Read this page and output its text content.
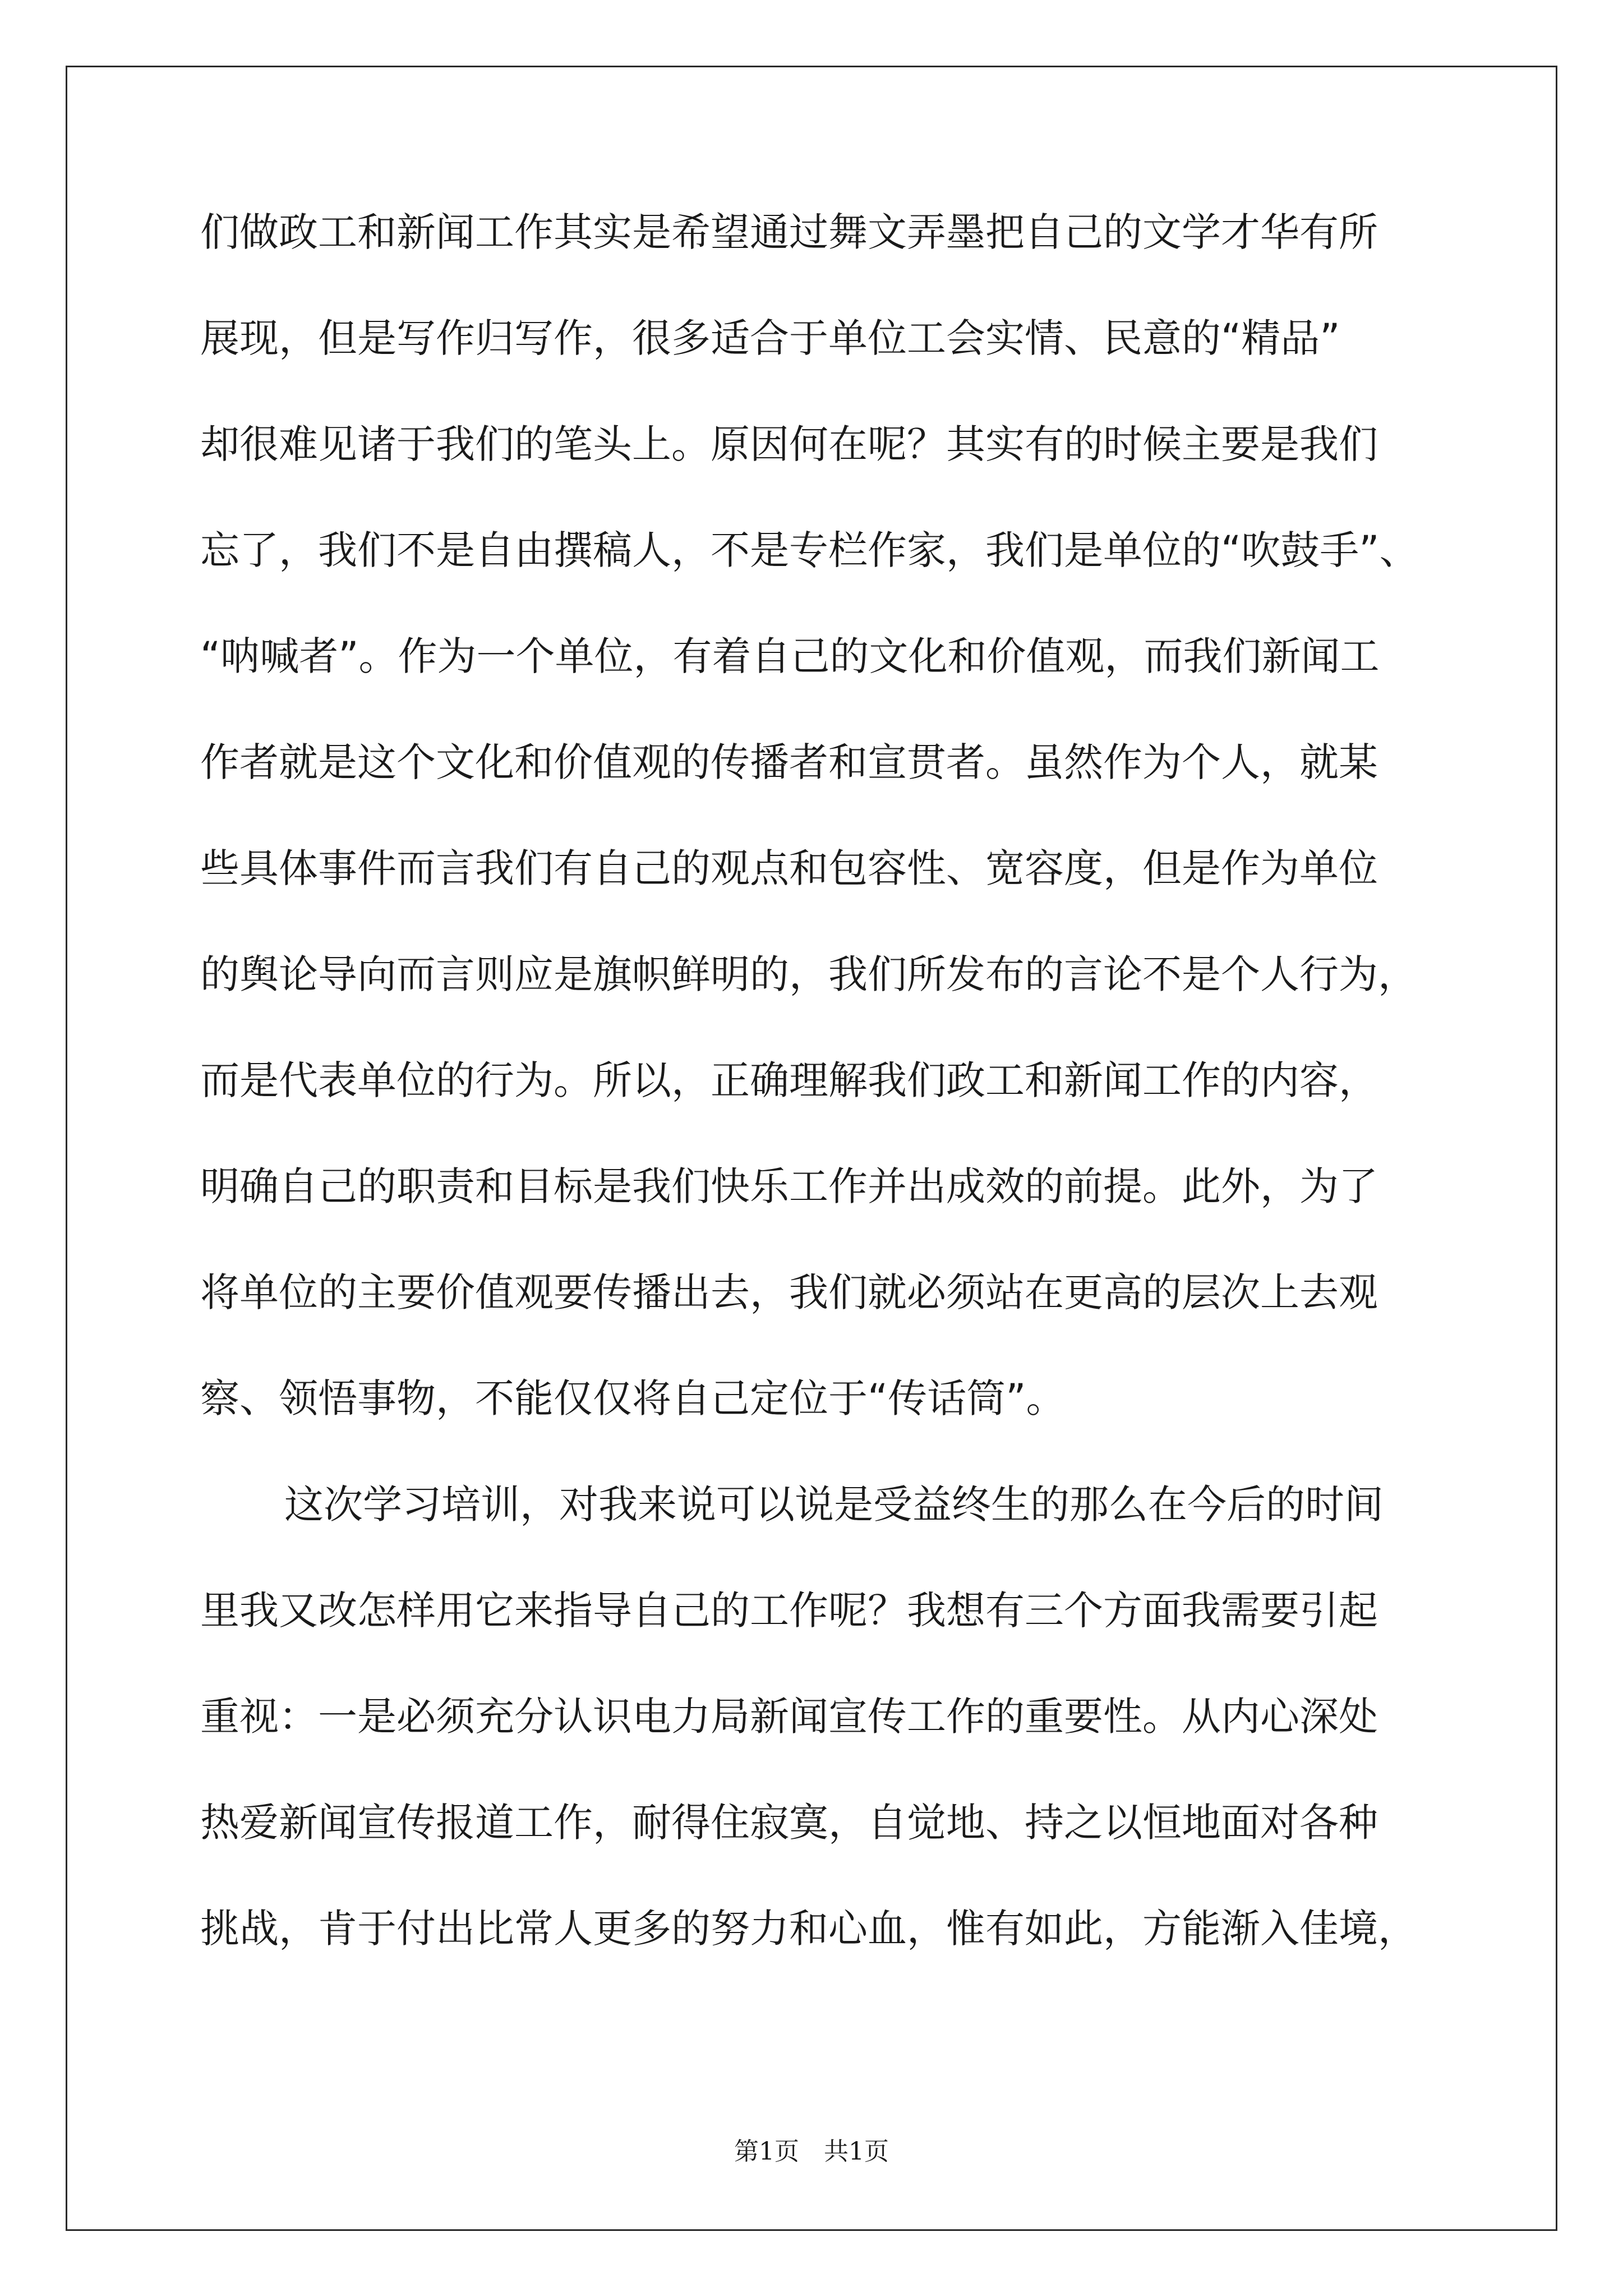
们做政工和新闻工作其实是希望通过舞文弄墨把自己的文学才华有所
展现，但是写作归写作，很多适合于单位工会实情、民意的“精品”
却很难见诸于我们的笔头上。原因何在呢？其实有的时候主要是我们
忘了，我们不是自由撰稿人，不是专栏作家，我们是单位的“吹鼓手”、
“呐喊者”。作为一个单位，有着自己的文化和价值观，而我们新闻工
作者就是这个文化和价值观的传播者和宣贯者。虽然作为个人，就某
些具体事件而言我们有自己的观点和包容性、宽容度，但是作为单位
的舆论导向而言则应是旗帜鲜明的，我们所发布的言论不是个人行为，
而是代表单位的行为。所以，正确理解我们政工和新闻工作的内容，
明确自己的职责和目标是我们快乐工作并出成效的前提。此外，为了
将单位的主要价值观要传播出去，我们就必须站在更高的层次上去观
察、领悟事物，不能仅仅将自己定位于“传话筒”。
这次学习培训，对我来说可以说是受益终生的那么在今后的时间
里我又改怎样用它来指导自己的工作呢？我想有三个方面我需要引起
重视：一是必须充分认识电力局新闻宣传工作的重要性。从内心深处
热爱新闻宣传报道工作，耐得住寂寞，自觉地、持之以恒地面对各种
挑战，肯于付出比常人更多的努力和心血，惟有如此，方能渐入佳境，
第1页　共1页
